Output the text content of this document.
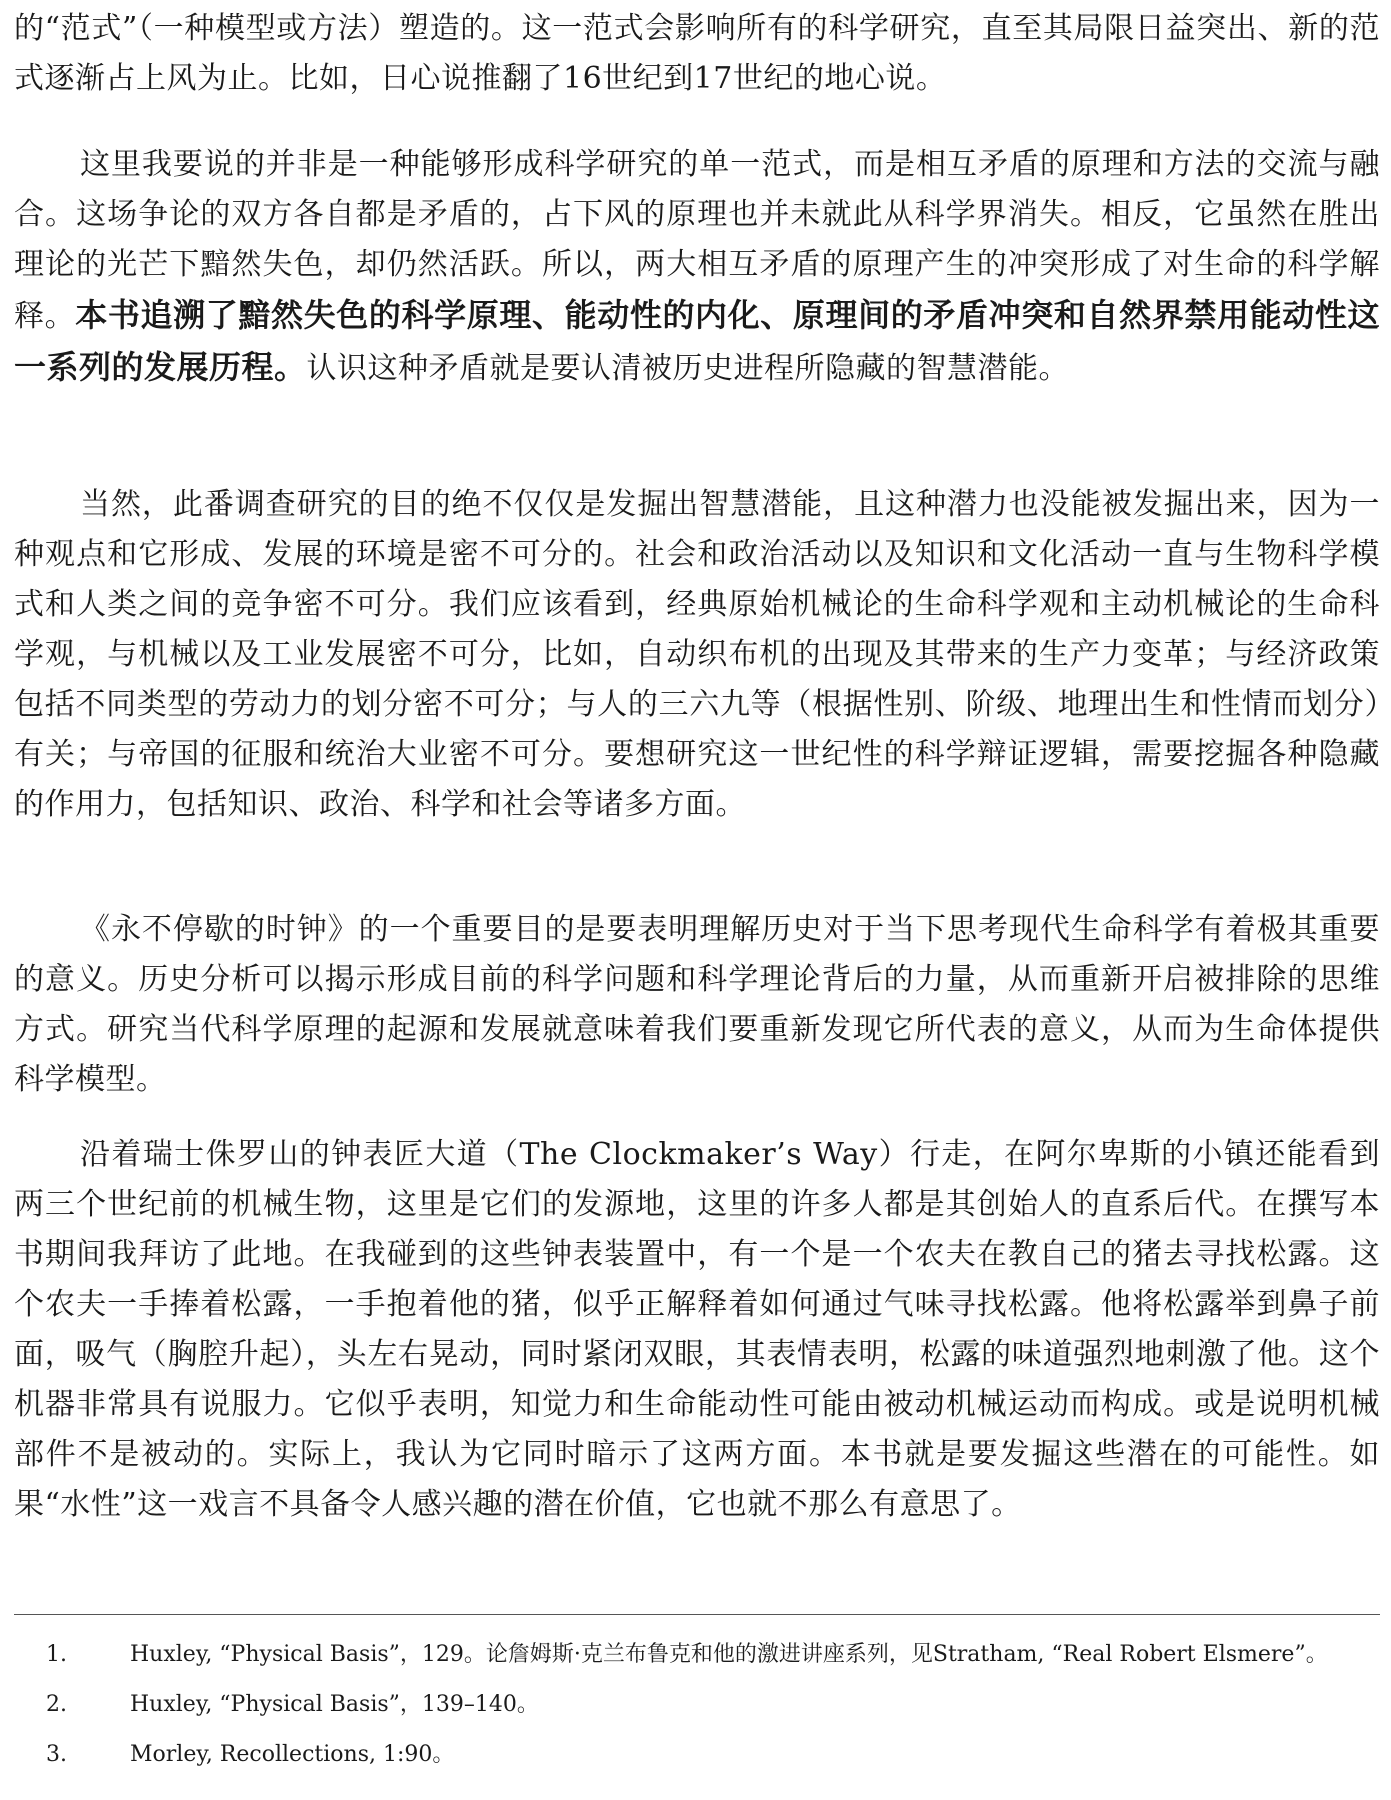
的“范式”（一种模型或方法）塑造的。这一范式会影响所有的科学研究，直至其局限日益突出、新的范式逐渐占上风为止。比如，日心说推翻了16世纪到17世纪的地心说。

这里我要说的并非是一种能够形成科学研究的单一范式，而是相互矛盾的原理和方法的交流与融合。这场争论的双方各自都是矛盾的，占下风的原理也并未就此从科学界消失。相反，它虽然在胜出理论的光芒下黯然失色，却仍然活跃。所以，两大相互矛盾的原理产生的冲突形成了对生命的科学解释。本书追溯了黯然失色的科学原理、能动性的内化、原理间的矛盾冲突和自然界禁用能动性这一系列的发展历程。认识这种矛盾就是要认清被历史进程所隐藏的智慧潜能。

当然，此番调查研究的目的绝不仅仅是发掘出智慧潜能，且这种潜力也没能被发掘出来，因为一种观点和它形成、发展的环境是密不可分的。社会和政治活动以及知识和文化活动一直与生物科学模式和人类之间的竞争密不可分。我们应该看到，经典原始机械论的生命科学观和主动机械论的生命科学观，与机械以及工业发展密不可分，比如，自动织布机的出现及其带来的生产力变革；与经济政策包括不同类型的劳动力的划分密不可分；与人的三六九等（根据性别、阶级、地理出生和性情而划分）有关；与帝国的征服和统治大业密不可分。要想研究这一世纪性的科学辩证逻辑，需要挖掘各种隐藏的作用力，包括知识、政治、科学和社会等诸多方面。

《永不停歇的时钟》的一个重要目的是要表明理解历史对于当下思考现代生命科学有着极其重要的意义。历史分析可以揭示形成目前的科学问题和科学理论背后的力量，从而重新开启被排除的思维方式。研究当代科学原理的起源和发展就意味着我们要重新发现它所代表的意义，从而为生命体提供科学模型。

沿着瑞士侏罗山的钟表匠大道（The Clockmaker’s Way）行走，在阿尔卑斯的小镇还能看到两三个世纪前的机械生物，这里是它们的发源地，这里的许多人都是其创始人的直系后代。在撰写本书期间我拜访了此地。在我碰到的这些钟表装置中，有一个是一个农夫在教自己的猪去寻找松露。这个农夫一手捧着松露，一手抱着他的猪，似乎正解释着如何通过气味寻找松露。他将松露举到鼻子前面，吸气（胸腔升起），头左右晃动，同时紧闭双眼，其表情表明，松露的味道强烈地刺激了他。这个机器非常具有说服力。它似乎表明，知觉力和生命能动性可能由被动机械运动而构成。或是说明机械部件不是被动的。实际上，我认为它同时暗示了这两方面。本书就是要发掘这些潜在的可能性。如果“水性”这一戏言不具备令人感兴趣的潜在价值，它也就不那么有意思了。

1.	Huxley, “Physical Basis”，129。论詹姆斯·克兰布鲁克和他的激进讲座系列，见Stratham, “Real Robert Elsmere”。
2.	Huxley, “Physical Basis”，139–140。
3.	Morley, Recollections, 1:90。
